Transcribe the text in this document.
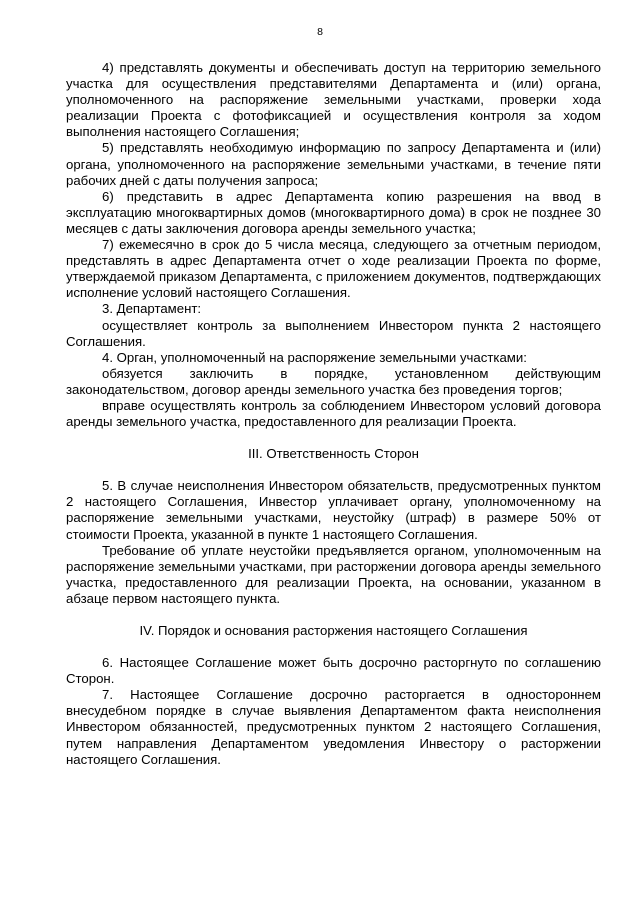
8

4) представлять документы и обеспечивать доступ на территорию земельного участка для осуществления представителями Департамента и (или) органа, уполномоченного на распоряжение земельными участками, проверки хода реализации Проекта с фотофиксацией и осуществления контроля за ходом выполнения настоящего Соглашения;

5) представлять необходимую информацию по запросу Департамента и (или) органа, уполномоченного на распоряжение земельными участками, в течение пяти рабочих дней с даты получения запроса;

6) представить в адрес Департамента копию разрешения на ввод в эксплуатацию многоквартирных домов (многоквартирного дома) в срок не позднее 30 месяцев с даты заключения договора аренды земельного участка;

7) ежемесячно в срок до 5 числа месяца, следующего за отчетным периодом, представлять в адрес Департамента отчет о ходе реализации Проекта по форме, утверждаемой приказом Департамента, с приложением документов, подтверждающих исполнение условий настоящего Соглашения.

3. Департамент:

осуществляет контроль за выполнением Инвестором пункта 2 настоящего Соглашения.

4. Орган, уполномоченный на распоряжение земельными участками:

обязуется заключить в порядке, установленном действующим законодательством, договор аренды земельного участка без проведения торгов;

вправе осуществлять контроль за соблюдением Инвестором условий договора аренды земельного участка, предоставленного для реализации Проекта.

III. Ответственность Сторон

5. В случае неисполнения Инвестором обязательств, предусмотренных пунктом 2 настоящего Соглашения, Инвестор уплачивает органу, уполномоченному на распоряжение земельными участками, неустойку (штраф) в размере 50% от стоимости Проекта, указанной в пункте 1 настоящего Соглашения.

Требование об уплате неустойки предъявляется органом, уполномоченным на распоряжение земельными участками, при расторжении договора аренды земельного участка, предоставленного для реализации Проекта, на основании, указанном в абзаце первом настоящего пункта.

IV. Порядок и основания расторжения настоящего Соглашения

6. Настоящее Соглашение может быть досрочно расторгнуто по соглашению Сторон.

7. Настоящее Соглашение досрочно расторгается в одностороннем внесудебном порядке в случае выявления Департаментом факта неисполнения Инвестором обязанностей, предусмотренных пунктом 2 настоящего Соглашения, путем направления Департаментом уведомления Инвестору о расторжении настоящего Соглашения.
